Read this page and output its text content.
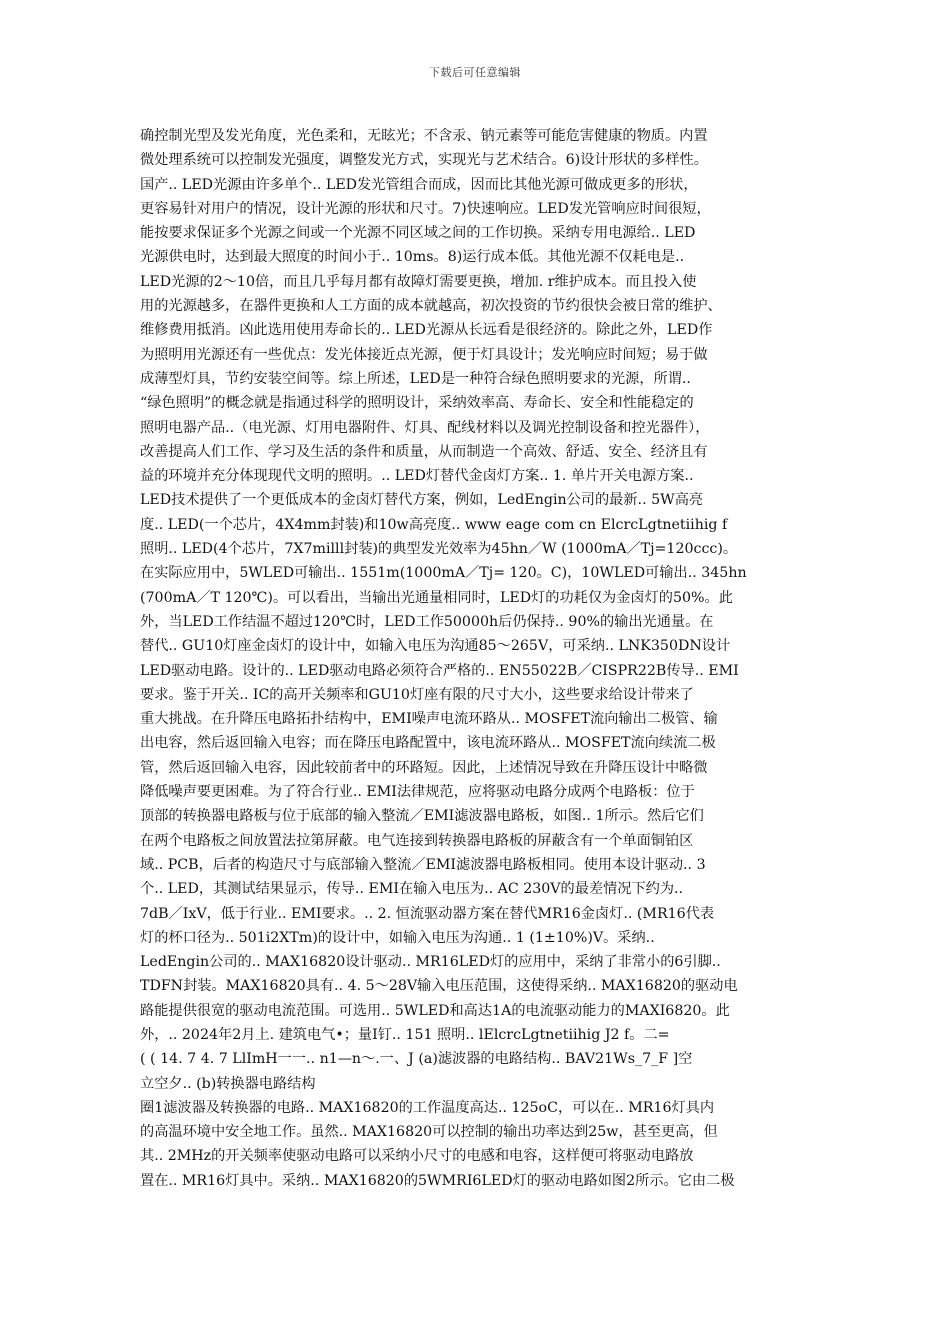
下载后可任意编辑
确控制光型及发光角度，光色柔和，无眩光；不含汞、钠元素等可能危害健康的物质。内置
微处理系统可以控制发光强度，调整发光方式，实现光与艺术结合。6)设计形状的多样性。
国产.. LED光源由许多单个.. LED发光管组合而成，因而比其他光源可做成更多的形状，
更容易针对用户的情况，设计光源的形状和尺寸。7)快速响应。LED发光管响应时间很短，
能按要求保证多个光源之间或一个光源不同区域之间的工作切换。采纳专用电源给.. LED
光源供电时，达到最大照度的时间小于.. 10ms。8)运行成本低。其他光源不仅耗电是..
LED光源的2～10倍，而且几乎每月都有故障灯需要更换，增加. r维护成本。而且投入使
用的光源越多，在器件更换和人工方面的成本就越高，初次投资的节约很快会被日常的维护、
维修费用抵消。凶此选用使用寿命长的.. LED光源从长远看是很经济的。除此之外，LED作
为照明用光源还有一些优点：发光体接近点光源，便于灯具设计；发光响应时间短；易于做
成薄型灯具，节约安装空间等。综上所述，LED是一种符合绿色照明要求的光源，所谓..
“绿色照明”的概念就是指通过科学的照明设计，采纳效率高、寿命长、安全和性能稳定的
照明电器产品..（电光源、灯用电器附件、灯具、配线材料以及调光控制设备和控光器件），
改善提高人们工作、学习及生活的条件和质量，从而制造一个高效、舒适、安全、经济且有
益的环境并充分体现现代文明的照明。.. LED灯替代金卤灯方案.. 1. 单片开关电源方案..
LED技术提供了一个更低成本的金卤灯替代方案，例如，LedEngin公司的最新.. 5W高亮
度.. LED(一个芯片，4X4mm封装)和10w高亮度.. www eage com cn ElcrcLgtnetiihig f
照明.. LED(4个芯片，7X7milll封装)的典型发光效率为45hn／W (1000mA／Tj=120ccc)。
在实际应用中，5WLED可输出.. 1551m(1000mA／Tj= 120。C)，10WLED可输出.. 345hn
(700mA／T 120℃)。可以看出，当输出光通量相同时，LED灯的功耗仅为金卤灯的50%。此
外，当LED工作结温不超过120℃时，LED工作50000h后仍保持.. 90%的输出光通量。在
替代.. GU10灯座金卤灯的设计中，如输入电压为沟通85～265V，可采纳.. LNK350DN设计
LED驱动电路。设计的.. LED驱动电路必须符合严格的.. EN55022B／CISPR22B传导.. EMI
要求。鉴于开关.. IC的高开关频率和GU10灯座有限的尺寸大小，这些要求给设计带来了
重大挑战。在升降压电路拓扑结构中，EMI噪声电流环路从.. MOSFET流向输出二极管、输
出电容，然后返回输入电容；而在降压电路配置中，该电流环路从.. MOSFET流向续流二极
管，然后返回输入电容，因此较前者中的环路短。因此，上述情况导致在升降压设计中略微
降低噪声要更困难。为了符合行业.. EMI法律规范，应将驱动电路分成两个电路板：位于
顶部的转换器电路板与位于底部的输入整流／EMI滤波器电路板，如图.. 1所示。然后它们
在两个电路板之间放置法拉第屏蔽。电气连接到转换器电路板的屏蔽含有一个单面铜铂区
域.. PCB，后者的构造尺寸与底部输入整流／EMI滤波器电路板相同。使用本设计驱动.. 3
个.. LED，其测试结果显示，传导.. EMI在输入电压为.. AC 230V的最差情况下约为..
7dB／IxV，低于行业.. EMI要求。.. 2. 恒流驱动器方案在替代MR16金卤灯.. (MR16代表
灯的杯口径为.. 501i2XTm)的设计中，如输入电压为沟通.. 1 (1±10%)V。采纳..
LedEngin公司的.. MAX16820设计驱动.. MR16LED灯的应用中，采纳了非常小的6引脚..
TDFN封装。MAX16820具有.. 4. 5～28V输入电压范围，这使得采纳.. MAX16820的驱动电
路能提供很宽的驱动电流范围。可选用.. 5WLED和高达1A的电流驱动能力的MAXI6820。此
外，.. 2024年2月上. 建筑电气•；量I钉.. 151 照明.. lElcrcLgtnetiihig J2 f。二=
( ( 14. 7 4. 7 LlImH一一.. n1—n～.一、J (a)滤波器的电路结构.. BAV21Ws_7_F ]空
立空夕.. (b)转换器电路结构
圈1滤波器及转换器的电路.. MAX16820的工作温度高达.. 125oC，可以在.. MR16灯具内
的高温环境中安全地工作。虽然.. MAX16820可以控制的输出功率达到25w，甚至更高，但
其.. 2MHz的开关频率使驱动电路可以采纳小尺寸的电感和电容，这样便可将驱动电路放
置在.. MR16灯具中。采纳.. MAX16820的5WMRI6LED灯的驱动电路如图2所示。它由二极
